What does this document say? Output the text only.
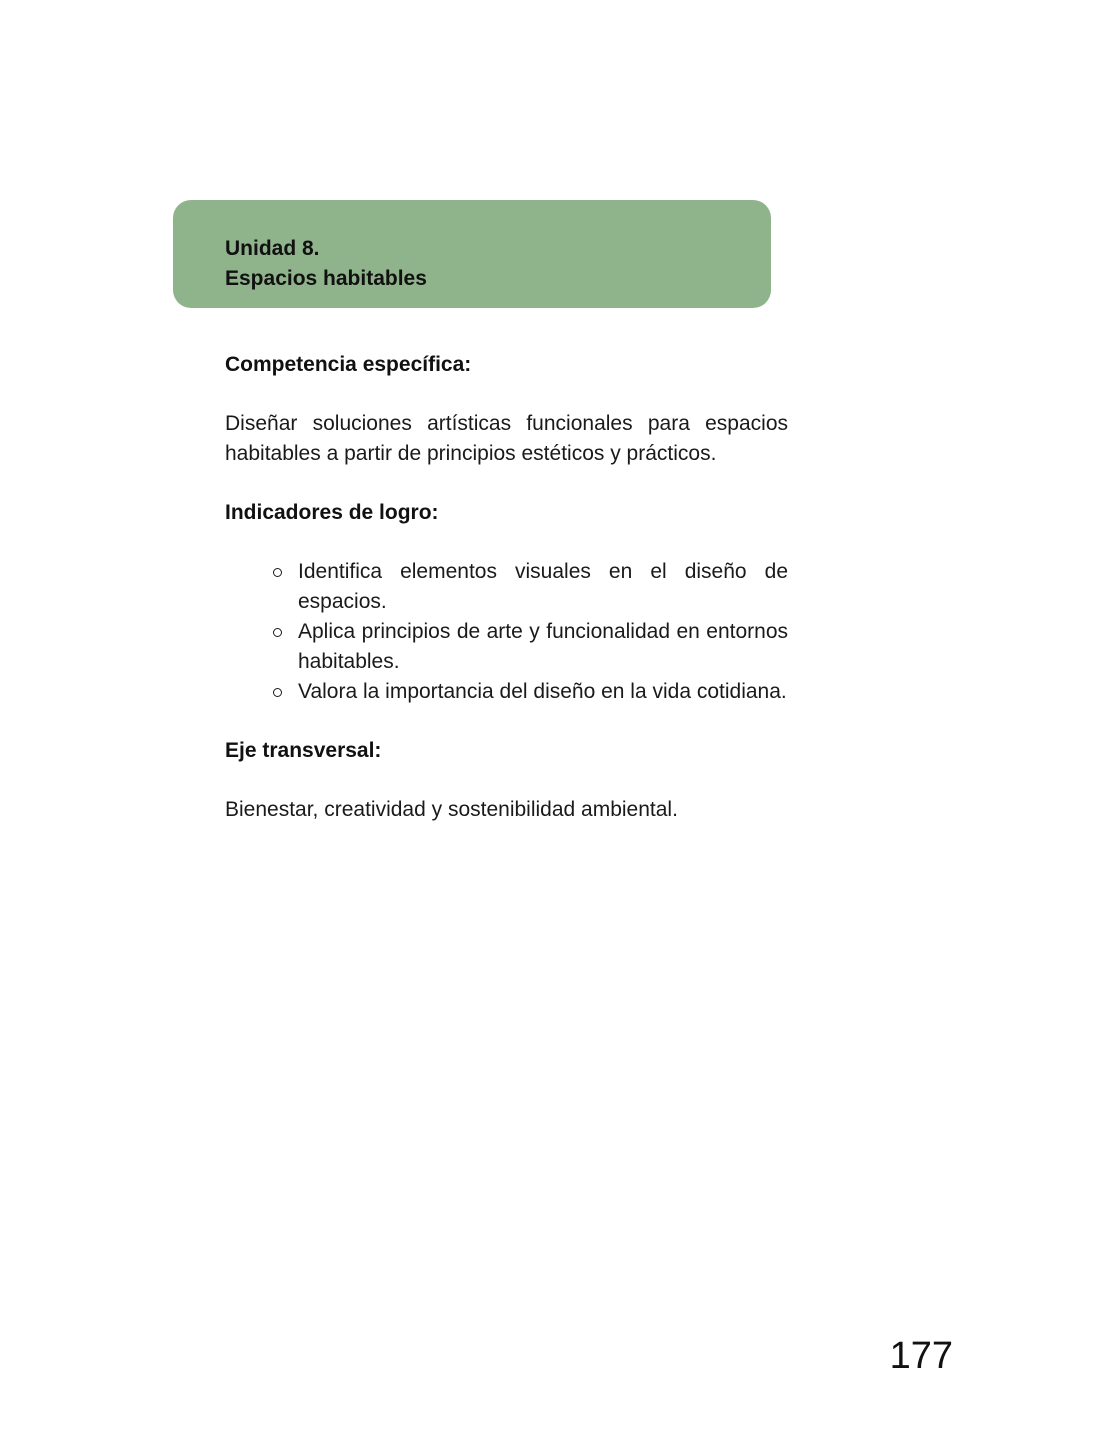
Unidad 8.
Espacios habitables

Competencia específica:

Diseñar soluciones artísticas funcionales para espacios habitables a partir de principios estéticos y prácticos.

Indicadores de logro:

Identifica elementos visuales en el diseño de espacios.
Aplica principios de arte y funcionalidad en entornos habitables.
Valora la importancia del diseño en la vida cotidiana.

Eje transversal:

Bienestar, creatividad y sostenibilidad ambiental.

177
